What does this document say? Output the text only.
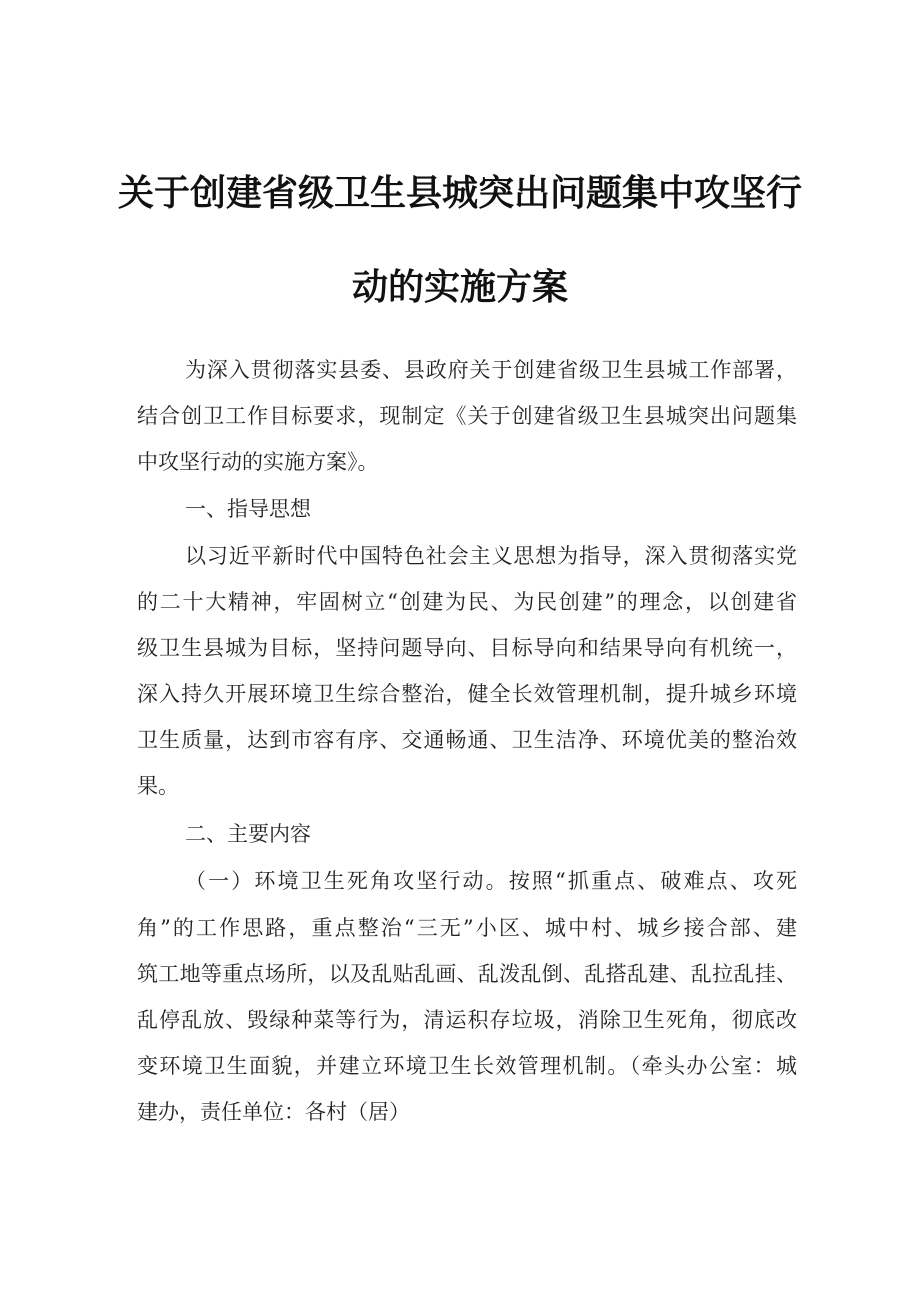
关于创建省级卫生县城突出问题集中攻坚行
动的实施方案
为深入贯彻落实县委、县政府关于创建省级卫生县城工作部署，
结合创卫工作目标要求，现制定《关于创建省级卫生县城突出问题集
中攻坚行动的实施方案》。
一、指导思想
以习近平新时代中国特色社会主义思想为指导，深入贯彻落实党
的二十大精神，牢固树立“创建为民、为民创建”的理念，以创建省
级卫生县城为目标，坚持问题导向、目标导向和结果导向有机统一，
深入持久开展环境卫生综合整治，健全长效管理机制，提升城乡环境
卫生质量，达到市容有序、交通畅通、卫生洁净、环境优美的整治效
果。
二、主要内容
（一）环境卫生死角攻坚行动。按照“抓重点、破难点、攻死
角”的工作思路，重点整治“三无”小区、城中村、城乡接合部、建
筑工地等重点场所，以及乱贴乱画、乱泼乱倒、乱搭乱建、乱拉乱挂、
乱停乱放、毁绿种菜等行为，清运积存垃圾，消除卫生死角，彻底改
变环境卫生面貌，并建立环境卫生长效管理机制。（牵头办公室：城
建办，责任单位：各村（居）
